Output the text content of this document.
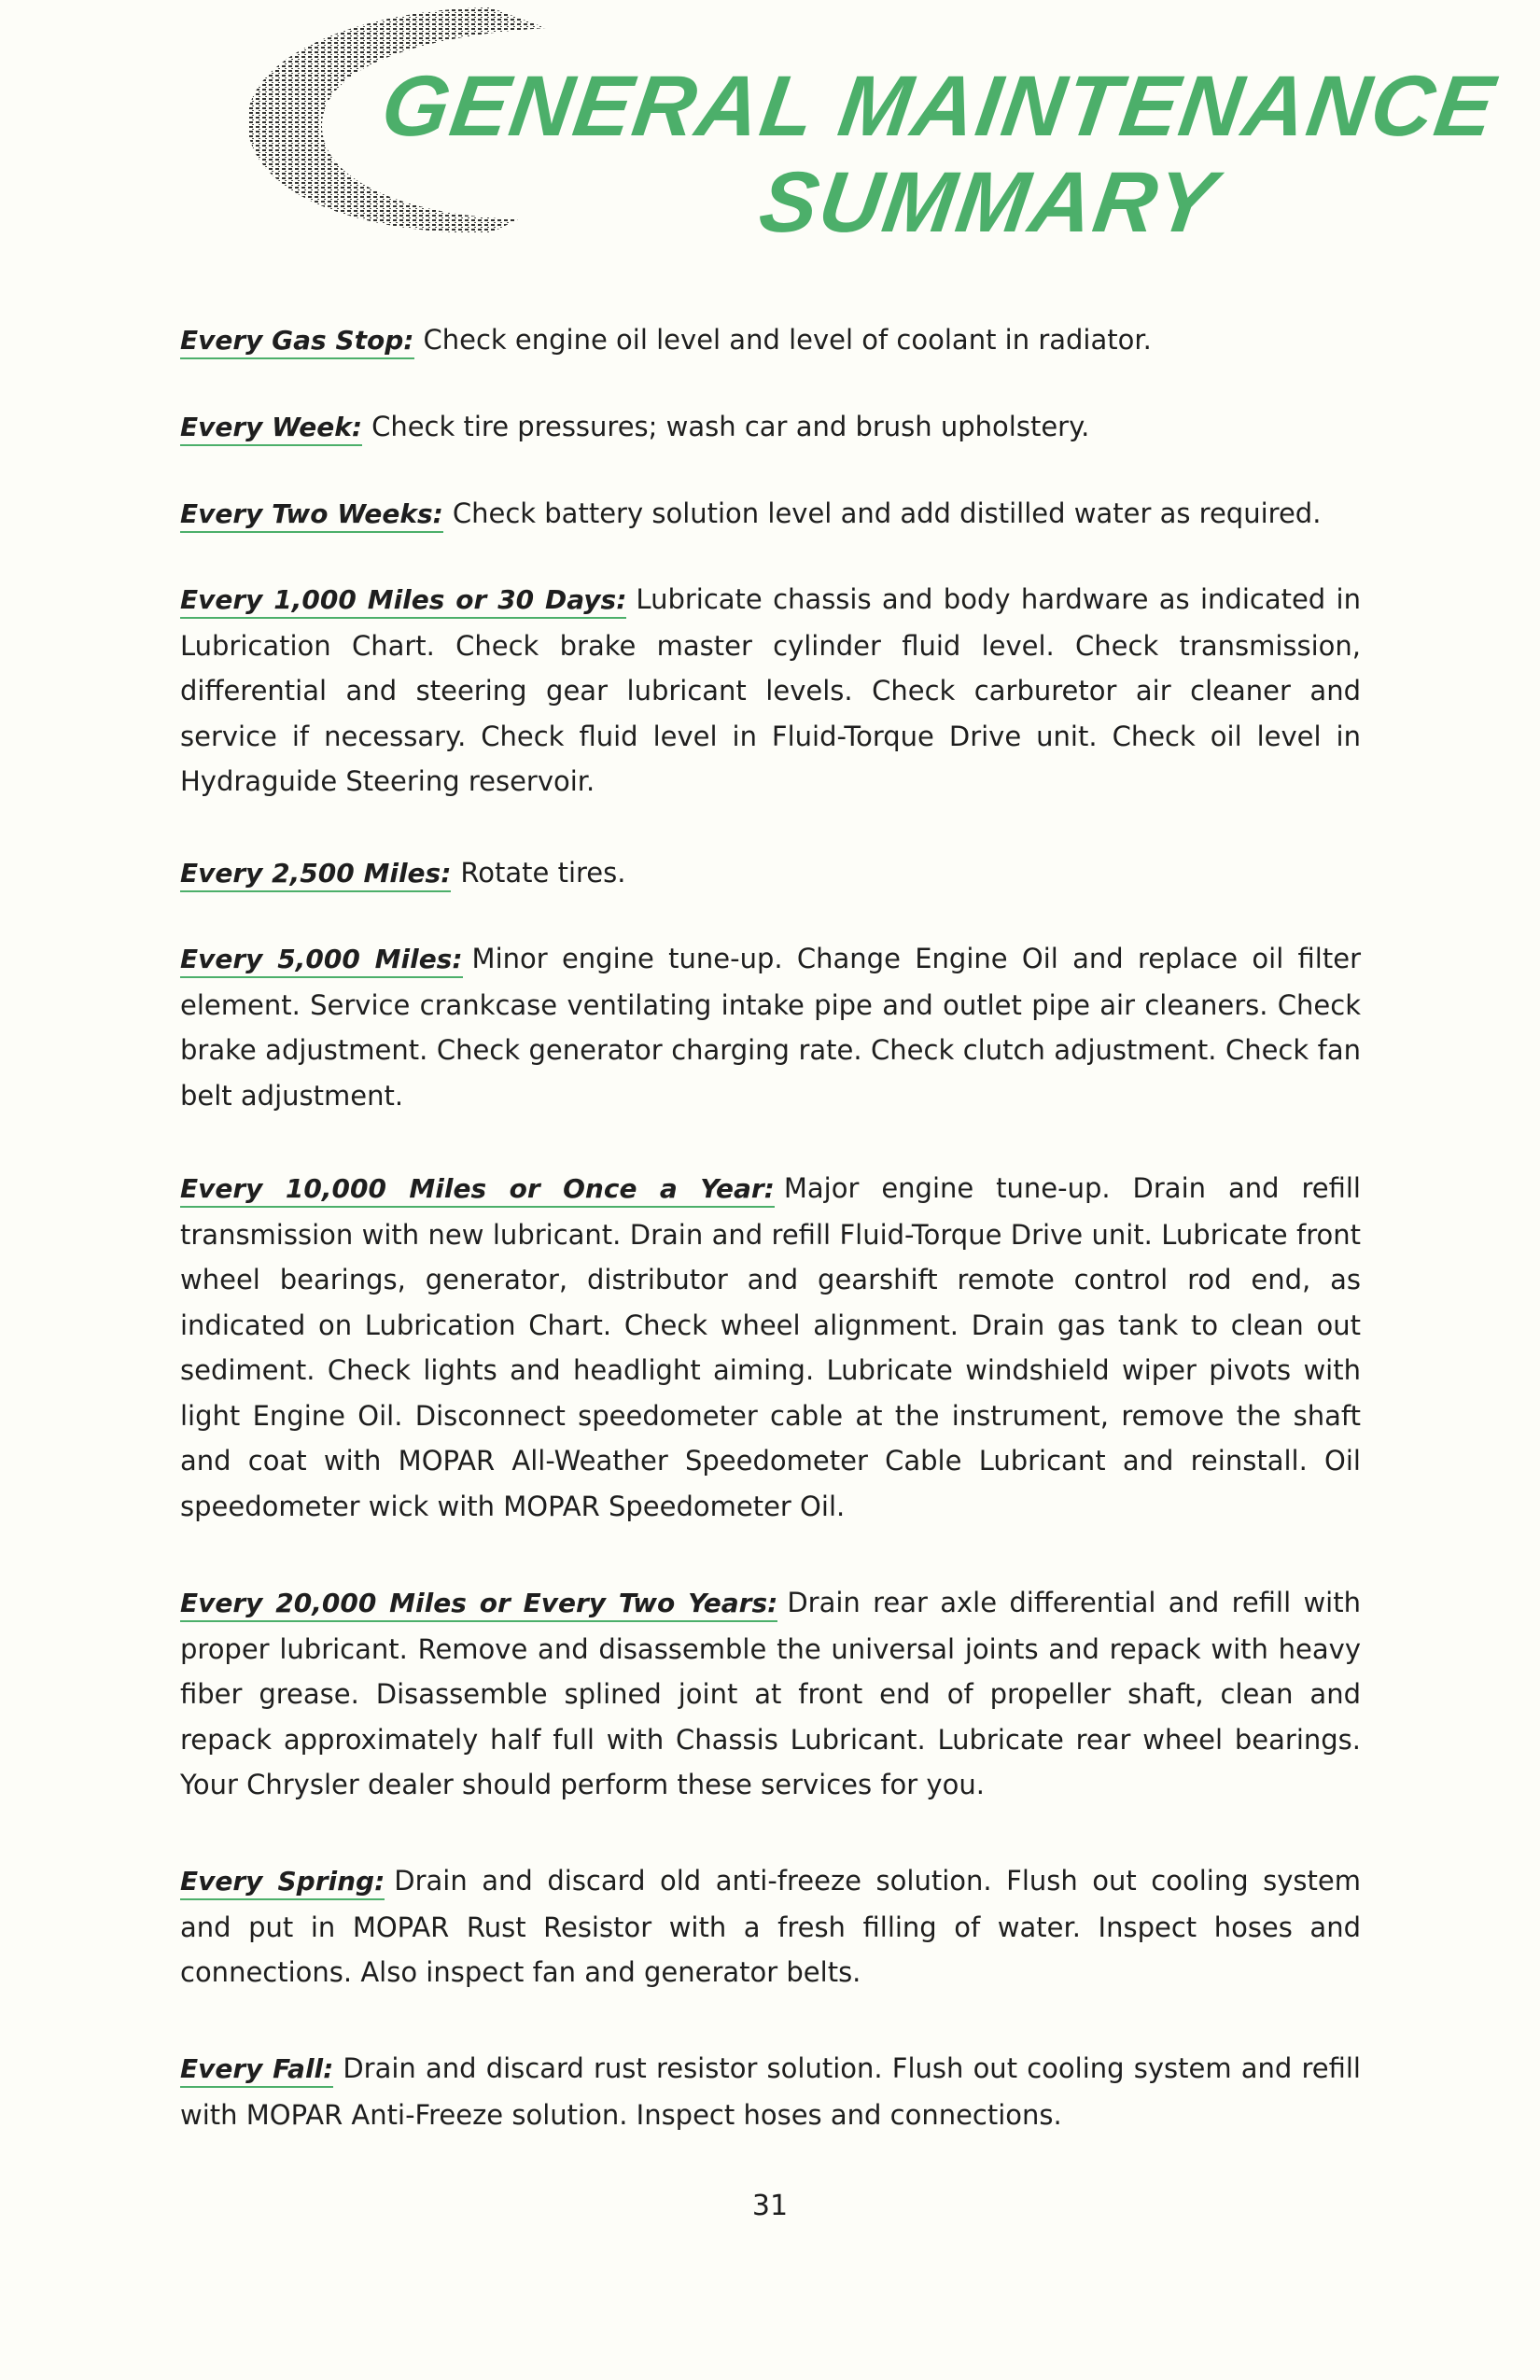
GENERAL MAINTENANCE
SUMMARY
Every Gas Stop: Check engine oil level and level of coolant in radiator.
Every Week: Check tire pressures; wash car and brush upholstery.
Every Two Weeks: Check battery solution level and add distilled water as required.
Every 1,000 Miles or 30 Days: Lubricate chassis and body hardware as indicated in Lubrication Chart. Check brake master cylinder fluid level. Check transmission, differential and steering gear lubricant levels. Check carburetor air cleaner and service if necessary. Check fluid level in Fluid-Torque Drive unit. Check oil level in Hydraguide Steering reservoir.
Every 2,500 Miles: Rotate tires.
Every 5,000 Miles: Minor engine tune-up. Change Engine Oil and replace oil filter element. Service crankcase ventilating intake pipe and outlet pipe air cleaners. Check brake adjustment. Check generator charging rate. Check clutch adjustment. Check fan belt adjustment.
Every 10,000 Miles or Once a Year: Major engine tune-up. Drain and refill transmission with new lubricant. Drain and refill Fluid-Torque Drive unit. Lubricate front wheel bearings, generator, distributor and gearshift remote control rod end, as indicated on Lubrication Chart. Check wheel alignment. Drain gas tank to clean out sediment. Check lights and headlight aiming. Lubricate windshield wiper pivots with light Engine Oil. Disconnect speedometer cable at the instrument, remove the shaft and coat with MOPAR All-Weather Speedometer Cable Lubricant and reinstall. Oil speedometer wick with MOPAR Speedometer Oil.
Every 20,000 Miles or Every Two Years: Drain rear axle differential and refill with proper lubricant. Remove and disassemble the universal joints and repack with heavy fiber grease. Disassemble splined joint at front end of propeller shaft, clean and repack approximately half full with Chassis Lubricant. Lubricate rear wheel bearings. Your Chrysler dealer should perform these services for you.
Every Spring: Drain and discard old anti-freeze solution. Flush out cooling system and put in MOPAR Rust Resistor with a fresh filling of water. Inspect hoses and connections. Also inspect fan and generator belts.
Every Fall: Drain and discard rust resistor solution. Flush out cooling system and refill with MOPAR Anti-Freeze solution. Inspect hoses and connections.
31
